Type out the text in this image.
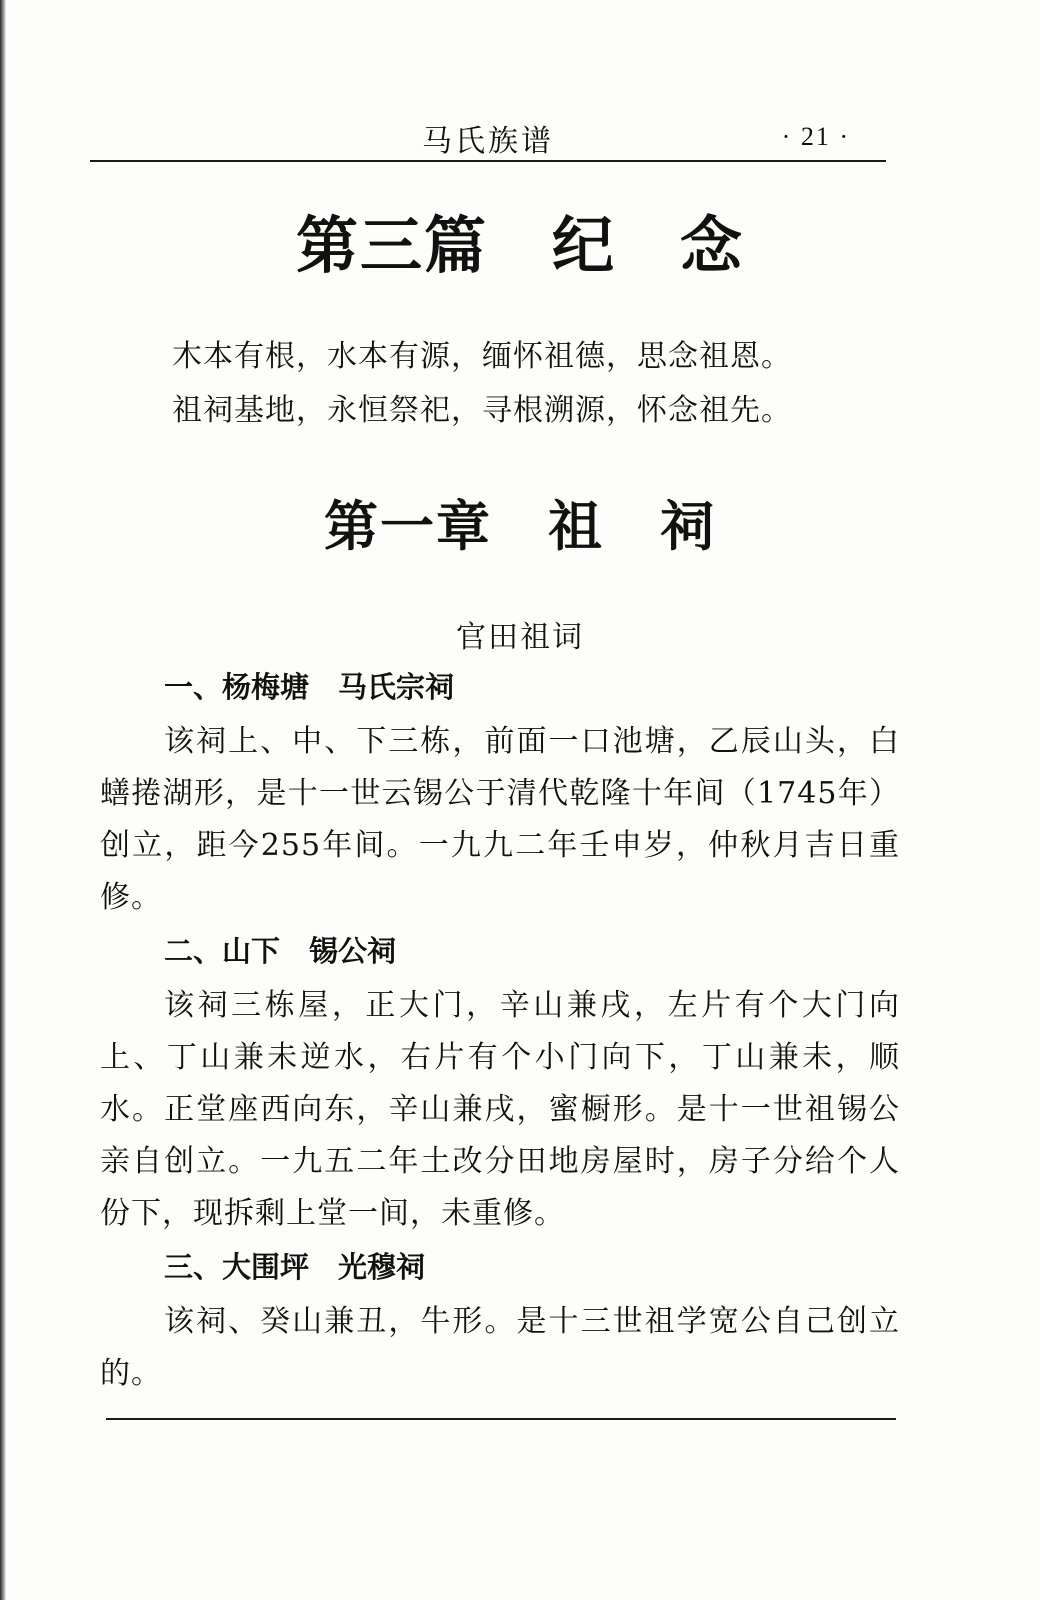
马氏族谱	· 21 ·
第三篇　纪　念
木本有根，水本有源，缅怀祖德，思念祖恩。
祖祠基地，永恒祭祀，寻根溯源，怀念祖先。
第一章　祖　祠
官田祖词
一、杨梅塘　马氏宗祠
该祠上、中、下三栋，前面一口池塘，乙辰山头，白蟮捲湖形，是十一世云锡公于清代乾隆十年间（1745年）创立，距今255年间。一九九二年壬申岁，仲秋月吉日重修。
二、山下　锡公祠
该祠三栋屋，正大门，辛山兼戌，左片有个大门向上、丁山兼未逆水，右片有个小门向下，丁山兼未，顺水。正堂座西向东，辛山兼戌，蜜橱形。是十一世祖锡公亲自创立。一九五二年土改分田地房屋时，房子分给个人份下，现拆剩上堂一间，未重修。
三、大围坪　光穆祠
该祠、癸山兼丑，牛形。是十三世祖学宽公自己创立的。
